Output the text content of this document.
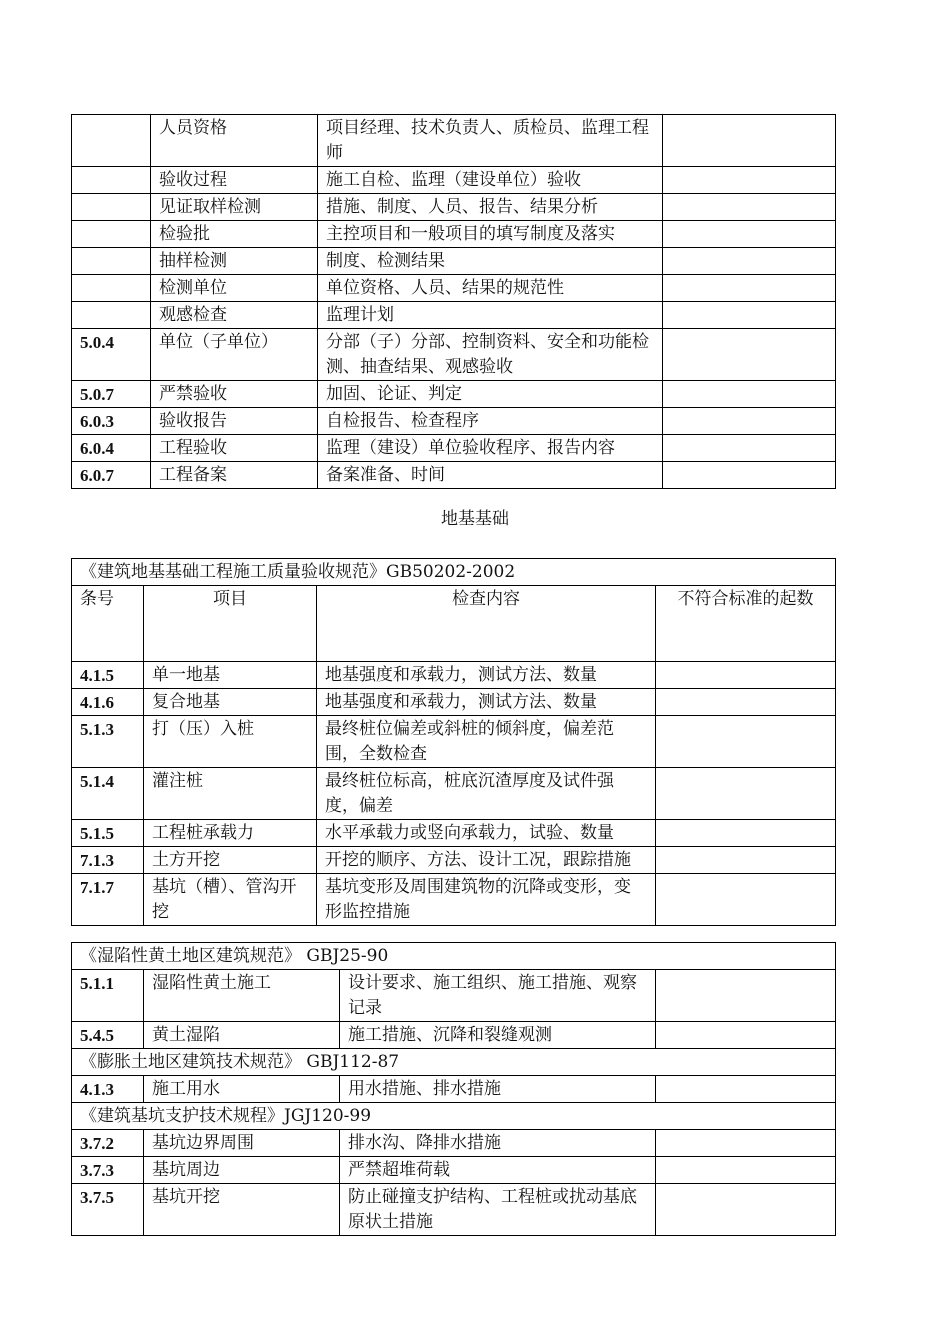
	人员资格	项目经理、技术负责人、质检员、监理工程师	
	验收过程	施工自检、监理（建设单位）验收	
	见证取样检测	措施、制度、人员、报告、结果分析	
	检验批	主控项目和一般项目的填写制度及落实	
	抽样检测	制度、检测结果	
	检测单位	单位资格、人员、结果的规范性	
	观感检查	监理计划	
5.0.4	单位（子单位）	分部（子）分部、控制资料、安全和功能检测、抽查结果、观感验收	
5.0.7	严禁验收	加固、论证、判定	
6.0.3	验收报告	自检报告、检查程序	
6.0.4	工程验收	监理（建设）单位验收程序、报告内容	
6.0.7	工程备案	备案准备、时间	
地基基础
《建筑地基基础工程施工质量验收规范》GB50202-2002			
条号	项目	检查内容	不符合标准的起数
4.1.5	单一地基	地基强度和承载力，测试方法、数量	
4.1.6	复合地基	地基强度和承载力，测试方法、数量	
5.1.3	打（压）入桩	最终桩位偏差或斜桩的倾斜度，偏差范围，全数检查	
5.1.4	灌注桩	最终桩位标高，桩底沉渣厚度及试件强度，偏差	
5.1.5	工程桩承载力	水平承载力或竖向承载力，试验、数量	
7.1.3	土方开挖	开挖的顺序、方法、设计工况，跟踪措施	
7.1.7	基坑（槽）、管沟开挖	基坑变形及周围建筑物的沉降或变形，变形监控措施	
《湿陷性黄土地区建筑规范》 GBJ25-90			
5.1.1	湿陷性黄土施工	设计要求、施工组织、施工措施、观察记录	
5.4.5	黄土湿陷	施工措施、沉降和裂缝观测	
《膨胀土地区建筑技术规范》 GBJ112-87			
4.1.3	施工用水	用水措施、排水措施	
《建筑基坑支护技术规程》JGJ120-99			
3.7.2	基坑边界周围	排水沟、降排水措施	
3.7.3	基坑周边	严禁超堆荷载	
3.7.5	基坑开挖	防止碰撞支护结构、工程桩或扰动基底原状土措施	
